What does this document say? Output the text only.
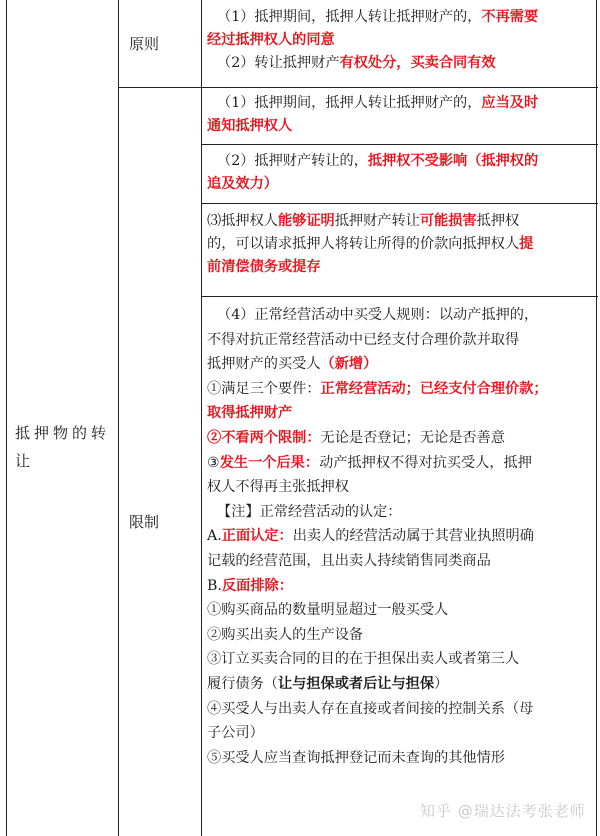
抵押物的转

让

原则

（1）抵押期间，抵押人转让抵押财产的，不再需要

经过抵押权人的同意

（2）转让抵押财产有权处分，买卖合同有效

限制

（1）抵押期间，抵押人转让抵押财产的，应当及时

通知抵押权人

（2）抵押财产转让的，抵押权不受影响（抵押权的

追及效力）

⑶抵押权人能够证明抵押财产转让可能损害抵押权

的，可以请求抵押人将转让所得的价款向抵押权人提

前清偿债务或提存

（4）正常经营活动中买受人规则：以动产抵押的，

不得对抗正常经营活动中已经支付合理价款并取得

抵押财产的买受人（新增）

①满足三个要件：正常经营活动；已经支付合理价款；

取得抵押财产

②不看两个限制：无论是否登记；无论是否善意

③发生一个后果：动产抵押权不得对抗买受人，抵押

权人不得再主张抵押权

【注】正常经营活动的认定：

A.正面认定：出卖人的经营活动属于其营业执照明确

记载的经营范围，且出卖人持续销售同类商品

B.反面排除：

①购买商品的数量明显超过一般买受人

②购买出卖人的生产设备

③订立买卖合同的目的在于担保出卖人或者第三人

履行债务（让与担保或者后让与担保）

④买受人与出卖人存在直接或者间接的控制关系（母

子公司）

⑤买受人应当查询抵押登记而未查询的其他情形

知乎 @瑞达法考张老师
